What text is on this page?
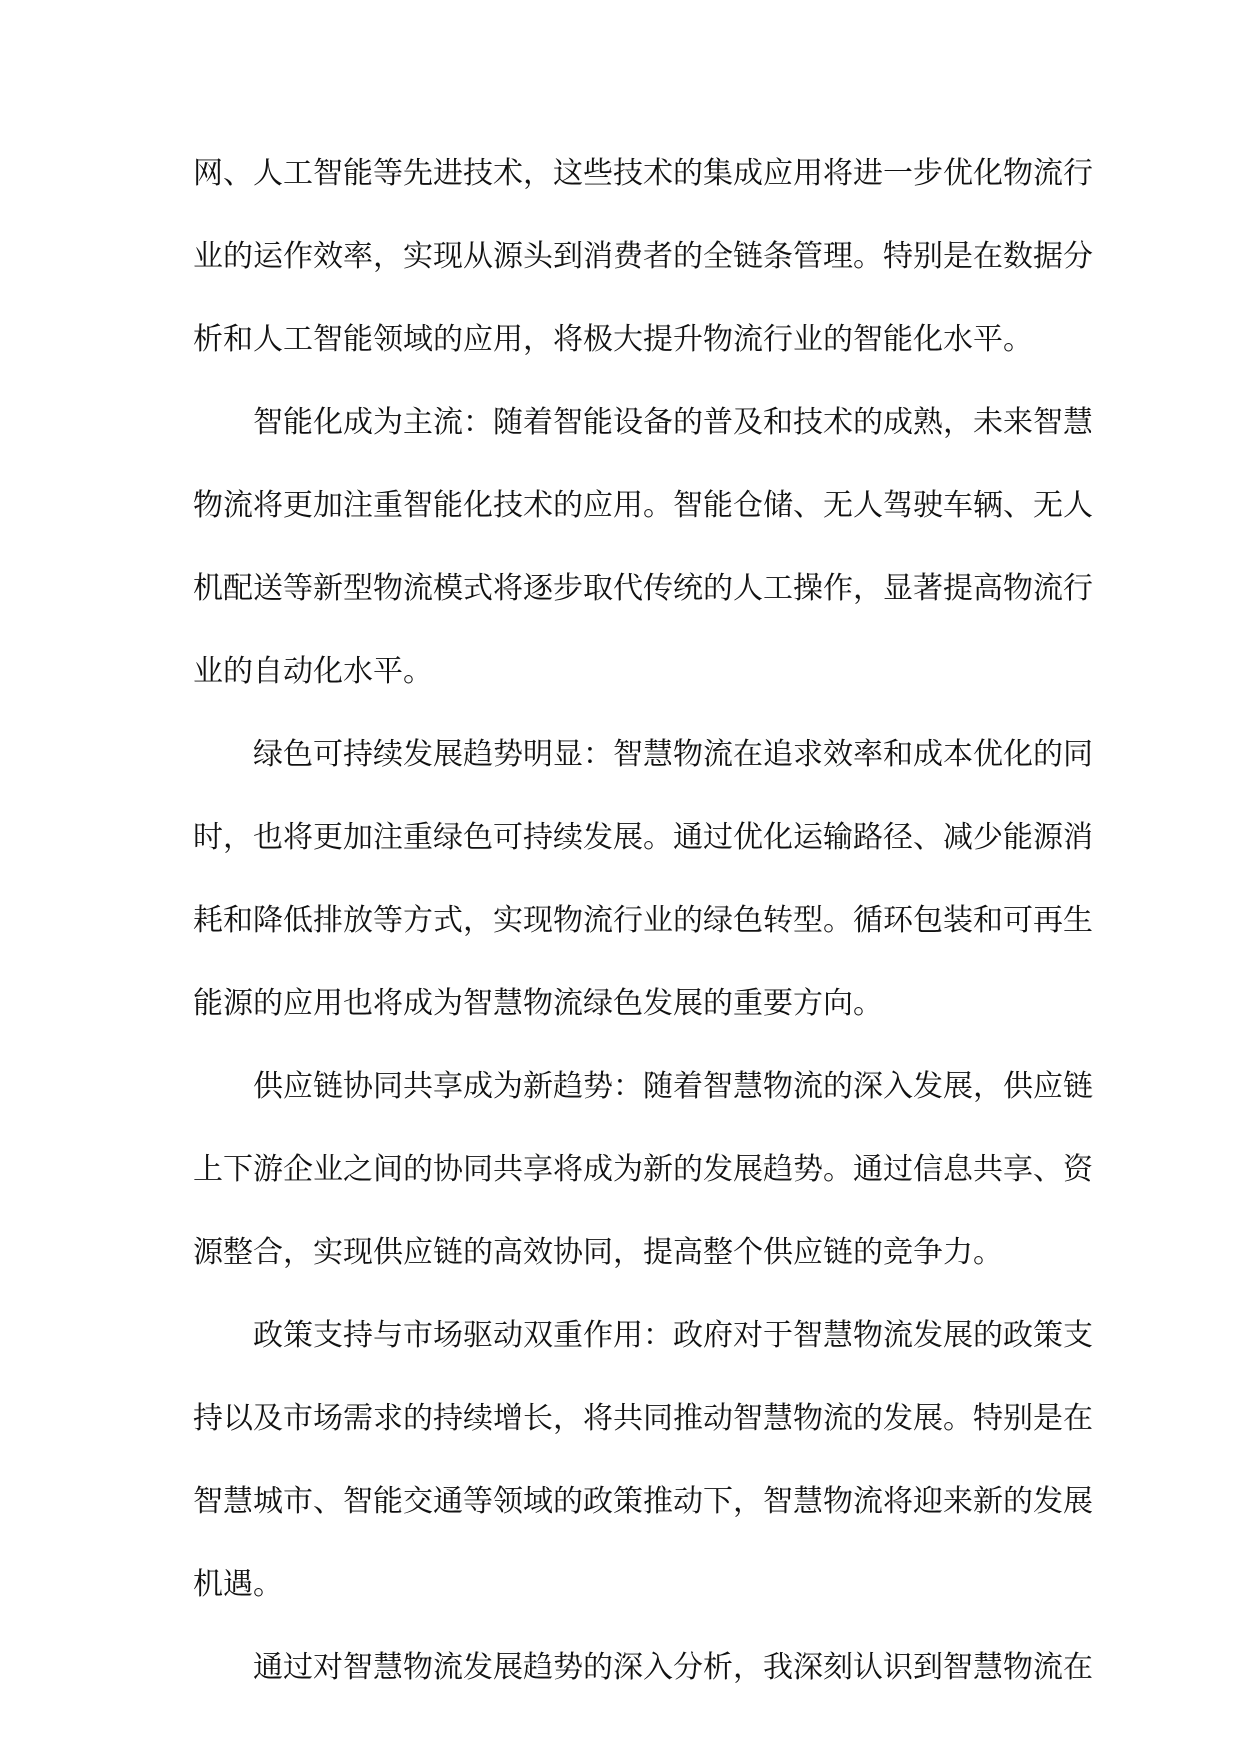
网 、 人 工 智 能 等 先 进 技 术 ， 这 些 技 术 的 集 成 应 用 将 进 一 步 优 化 物 流 行
业 的 运 作 效 率 ， 实 现 从 源 头 到 消 费 者 的 全 链 条 管 理 。 特 别 是 在 数 据 分
析和人工智能领域的应用，将极大提升物流行业的智能化水平。
智 能 化 成 为 主 流 ： 随 着 智 能 设 备 的 普 及 和 技 术 的 成 熟 ， 未 来 智 慧
物 流 将 更 加 注 重 智 能 化 技 术 的 应 用 。 智 能 仓 储 、 无 人 驾 驶 车 辆 、 无 人
机 配 送 等 新 型 物 流 模 式 将 逐 步 取 代 传 统 的 人 工 操 作 ， 显 著 提 高 物 流 行
业的自动化水平。
绿 色 可 持 续 发 展 趋 势 明 显 ： 智 慧 物 流 在 追 求 效 率 和 成 本 优 化 的 同
时 ， 也 将 更 加 注 重 绿 色 可 持 续 发 展 。 通 过 优 化 运 输 路 径 、 减 少 能 源 消
耗 和 降 低 排 放 等 方 式 ， 实 现 物 流 行 业 的 绿 色 转 型 。 循 环 包 装 和 可 再 生
能源的应用也将成为智慧物流绿色发展的重要方向。
供 应 链 协 同 共 享 成 为 新 趋 势 ： 随 着 智 慧 物 流 的 深 入 发 展 ， 供 应 链
上 下 游 企 业 之 间 的 协 同 共 享 将 成 为 新 的 发 展 趋 势 。 通 过 信 息 共 享 、 资
源整合，实现供应链的高效协同，提高整个供应链的竞争力。
政 策 支 持 与 市 场 驱 动 双 重 作 用 ： 政 府 对 于 智 慧 物 流 发 展 的 政 策 支
持 以 及 市 场 需 求 的 持 续 增 长 ， 将 共 同 推 动 智 慧 物 流 的 发 展 。 特 别 是 在
智 慧 城 市 、 智 能 交 通 等 领 域 的 政 策 推 动 下 ， 智 慧 物 流 将 迎 来 新 的 发 展
机遇。
通 过 对 智 慧 物 流 发 展 趋 势 的 深 入 分 析 ， 我 深 刻 认 识 到 智 慧 物 流 在
